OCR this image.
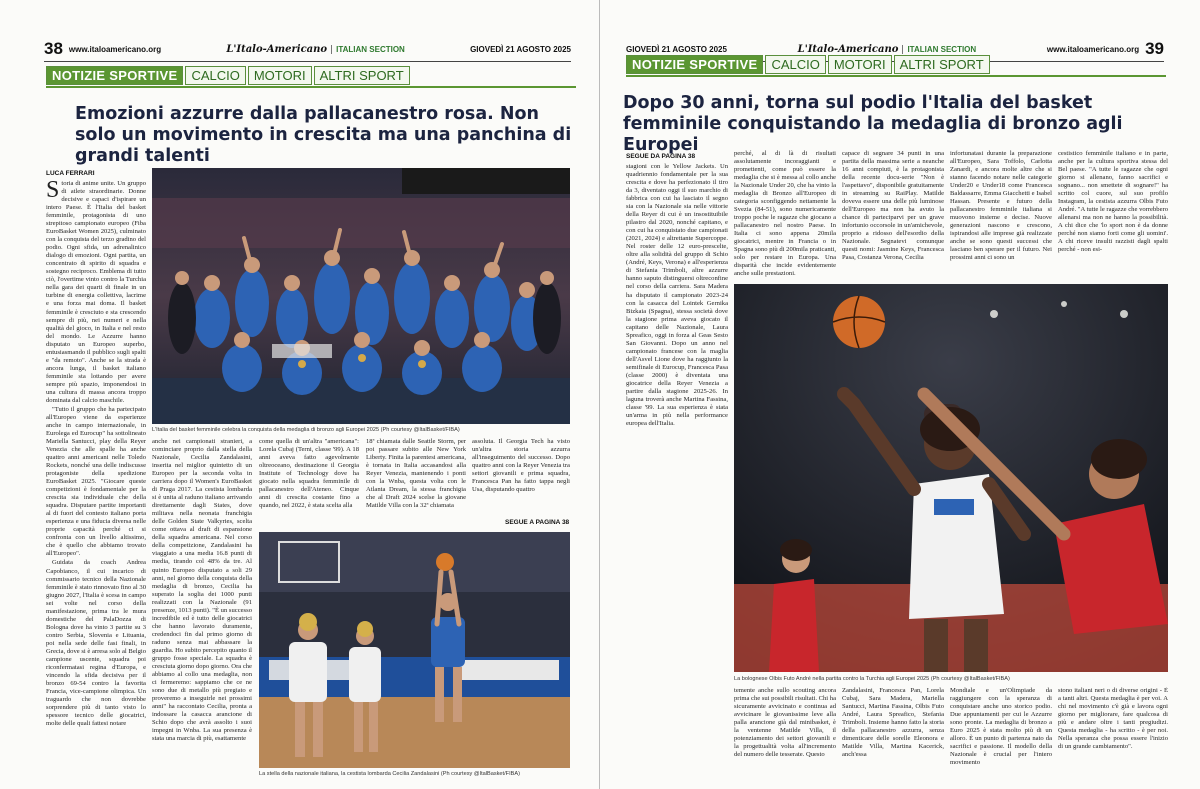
38 www.italoamericano.org	L'Italo-Americano	ITALIAN SECTION	GIOVEDÌ 21 AGOSTO 2025
NOTIZIE SPORTIVE	CALCIO	MOTORI	ALTRI SPORT
Emozioni azzurre dalla pallacanestro rosa. Non solo un movimento in crescita ma una panchina di grandi talenti
LUCA FERRARI

Storia di anime unite. Un gruppo di atlete straordinarie. Donne decisive e capaci d'ispirare un intero Paese. È l'Italia del basket femminile, protagonista di uno strepitoso campionato europeo (Fiba EuroBasket Women 2025), culminato con la conquista del terzo gradino del podio. Ogni sfida, un adrenalinico dialogo di emozioni. Ogni partita, un concentrato di spirito di squadra e sostegno reciproco. Emblema di tutto ciò, l'overtime vinto contro la Turchia nella gara dei quarti di finale in un turbine di energia collettiva, lacrime e una forza mai doma. Il basket femminile è cresciuto e sta crescendo sempre di più, nei numeri e nella qualità del gioco, in Italia e nel resto del mondo. Le Azzurre hanno disputato un Europeo superbo, entusiasmando il pubblico sugli spalti e "da remoto". Anche se la strada è ancora lunga, il basket italiano femminile sta lottando per avere sempre più spazio, imponendosi in una cultura di massa ancora troppo dominata dal calcio maschile.

"Tutto il gruppo che ha partecipato all'Europeo viene da esperienze anche in campo internazionale, in Eurolega ed Eurocup" ha sottolineato Mariella Santucci, play della Reyer Venezia che alle spalle ha anche quattro anni americani nelle Toledo Rockets, nonché una delle indiscusse protagoniste della spedizione EuroBasket 2025. "Giocare queste competizioni è fondamentale per la crescita sia individuale che della squadra. Disputare partite importanti al di fuori del contesto italiano porta esperienza e una fiducia diversa nelle proprie capacità perché ci si confronta con un livello altissimo, che è quello che abbiamo trovato all'Europeo".

Guidata da coach Andrea Capobianco, il cui incarico di commissario tecnico della Nazionale femminile è stato rinnovato fino al 30 giugno 2027, l'Italia è scesa in campo sei volte nel corso della manifestazione, prima tra le mura domestiche del PalaDozza di Bologna dove ha vinto 3 partite su 3 contro Serbia, Slovenia e Lituania, poi nella sede delle fasi finali, in Grecia, dove si è arresa solo al Belgio campione uscente, squadra poi riconfermatasi regina d'Europa, e vincendo la sfida decisiva per il bronzo 69-54 contro la favorita Francia, vice-campione olimpica. Un traguardo che non dovrebbe sorprendere più di tanto visto lo spessore tecnico delle giocatrici, molte delle quali fattesi notare

L'Italia del basket femminile celebra la conquista della medaglia di bronzo agli Europei 2025 (Ph courtesy @ItalBasket/FIBA)

anche nei campionati stranieri, a cominciare proprio dalla stella della Nazionale, Cecilia Zandalasini, inserita nel miglior quintetto di un Europeo per la seconda volta in carriera dopo il Women's EuroBasket di Praga 2017. La cestista lombarda si è unita al raduno italiano arrivando direttamente dagli States, dove militava nella neonata franchigia delle Golden State Valkyries, scelta come ottava al draft di espansione della squadra americana. Nel corso della competizione, Zandalasini ha viaggiato a una media 16.8 punti di media, tirando col 48% da tre. Al quinto Europeo disputato a soli 29 anni, nel giorno della conquista della medaglia di bronzo, Cecilia ha superato la soglia dei 1000 punti realizzati con la Nazionale (91 presenze, 1013 punti). "È un successo incredibile ed è tutto delle giocatrici che hanno lavorato duramente, credendoci fin dal primo giorno di raduno senza mai abbassare la guardia. Ho subito percepito quanto il gruppo fosse speciale. La squadra è cresciuta giorno dopo giorno. Ora che abbiamo al collo una medaglia, non ci fermeremo: sappiamo che ce ne sono due di metallo più pregiato e proveremo a inseguirle nei prossimi anni" ha raccontato Cecilia, pronta a indossare la casacca arancione di Schio dopo che avrà assolto i suoi impegni in Wnba. La sua presenza è stata una marcia di più, esattamente

come quella di un'altra "americana": Lorela Cubaj (Terni, classe '99). A 18 anni aveva fatto agevolmente oltreoceano, destinazione il Georgia Institute of Technology dove ha giocato nella squadra femminile di pallacanestro dell'Ateneo. Cinque anni di crescita costante fino a quando, nel 2022, è stata scelta alla

18ª chiamata dalle Seattle Storm, per poi passare subito alle New York Liberty. Finita la parentesi americana, è tornata in Italia accasandosi alla Reyer Venezia, mantenendo i ponti con la Wnba, questa volta con le Atlanta Dream, la stessa franchigia che al Draft 2024 scelse la giovane Matilde Villa con la 32ª chiamata

assoluta. Il Georgia Tech ha visto un'altra storia azzurra all'inseguimento del successo. Dopo quattro anni con la Reyer Venezia tra settori giovanili e prima squadra, Francesca Pan ha fatto tappa negli Usa, disputando quattro

SEGUE A PAGINA 38
La stella della nazionale italiana, la cestista lombarda Cecilia Zandalasini (Ph courtesy @ItalBasket/FIBA)
GIOVEDÌ 21 AGOSTO 2025	L'Italo-Americano	ITALIAN SECTION	www.italoamericano.org 39
NOTIZIE SPORTIVE	CALCIO	MOTORI	ALTRI SPORT
Dopo 30 anni, torna sul podio l'Italia del basket femminile conquistando la medaglia di bronzo agli Europei
SEGUE DA PAGINA 38

stagioni con le Yellow Jackets. Un quadriennio fondamentale per la sua crescita e dove ha perfezionato il tiro da 3, diventato oggi il suo marchio di fabbrica con cui ha lasciato il segno sia con la Nazionale sia nelle vittorie della Reyer di cui è un insostituibile pilastro dal 2020, nonché capitano, e con cui ha conquistato due campionati (2021, 2024) e altrettante Supercoppe. Nel roster delle 12 euro-prescelte, oltre alla solidità del gruppo di Schio (André, Keys, Verona) e all'esperienza di Stefania Trimboli, altre azzurre hanno saputo distinguersi oltreconfine nel corso della carriera. Sara Madera ha disputato il campionato 2023-24 con la casacca del Lointek Gernika Bizkaia (Spagna), stessa società dove la stagione prima aveva giocato il capitano delle Nazionale, Laura Spreafico, oggi in forza al Geas Sesto San Giovanni. Dopo un anno nel campionato francese con la maglia dell'Asvel Lione dove ha raggiunto la semifinale di Eurocup, Francesca Pasa (classe 2000) è diventata una giocatrice della Reyer Venezia a partire dalla stagione 2025-26. In laguna troverà anche Martina Fassina, classe '99. La sua esperienza è stata un'arma in più nella performance europea dell'Italia.

perché, al di là di risultati assolutamente incoraggianti e promettenti, come può essere la medaglia che si è messa al collo anche la Nazionale Under 20, che ha vinto la medaglia di Bronzo all'Europeo di categoria sconfiggendo nettamente la Svezia (84-51), sono numericamente troppo poche le ragazze che giocano a pallacanestro nel nostro Paese. In Italia ci sono appena 20mila giocatrici, mentre in Francia o in Spagna sono più di 200mila praticanti, solo per restare in Europa. Una disparità che incide evidentemente anche sulle prestazioni.

capace di segnare 34 punti in una partita della massima serie a neanche 16 anni compiuti, è la protagonista della recente docu-serie "Non è l'aspettavo", disponibile gratuitamente in streaming su RaiPlay. Matilde doveva essere una delle più luminose dell'Europeo ma non ha avuto la chance di parteciparvi per un grave infortunio occorsole in un'amichevole, proprio a ridosso dell'esordio della Nazionale. Segnatevi comunque questi nomi: Jasmine Keys, Francesca Pasa, Costanza Verona, Cecilia

infortunatasi durante la preparazione all'Europeo, Sara Toffolo, Carlotta Zanardi, e ancora molte altre che si stanno facendo notare nelle categorie Under20 e Under18 come Francesca Baldassarre, Emma Giacchetti e Isabel Hassan. Presente e futuro della pallacanestro femminile italiana si muovono insieme e decise. Nuove generazioni nascono e crescono, ispirandosi alle imprese già realizzate anche se sono questi successi che lasciano ben sperare per il futuro. Nei prossimi anni ci sono un

cestistico femminile italiano e in parte, anche per la cultura sportiva stessa del Bel paese. "A tutte le ragazze che ogni giorno si allenano, fanno sacrifici e sognano... non smettete di sognare!" ha scritto col cuore, sul suo profilo Instagram, la cestista azzurra Olbis Futo André. "A tutte le ragazze che vorrebbero allenarsi ma non ne hanno la possibilità. A chi dice che 'lo sport non è da donne perché non siamo forti come gli uomini'. A chi riceve insulti razzisti dagli spalti perché - non esi-

La bolognese Olbis Futo André nella partita contro la Turchia agli Europei 2025 (Ph courtesy @ItalBasket/FIBA)

temente anche sullo scouting ancora prima che sui possibili risultati. Chi ha sicuramente avvicinato e continua ad avvicinare le giovanissime leve alla palla arancione già dal minibasket, è la ventenne Matilde Villa, il potenziamento dei settori giovanili e la progettualità volta all'incremento del numero delle tesserate. Questo

Zandalasini, Francesca Pan, Lorela Cubaj, Sara Madera, Mariella Santucci, Martina Fassina, Olbis Futo André, Laura Spreafico, Stefania Trimboli. Insieme hanno fatto la storia della pallacanestro azzurra, senza dimenticare delle sorelle Eleonora e Matilde Villa, Martina Kacerick, anch'essa

Mondiale e un'Olimpiade da raggiungere con la speranza di conquistare anche uno storico podio. Due appuntamenti per cui le Azzurre sono pronte. La medaglia di bronzo a Euro 2025 è stata molto più di un alloro. È un punto di partenza nato da sacrifici e passione. Il modello della Nazionale è crucial per l'intero movimento

stono italiani neri o di diverse origini - È a tanti altri. Questa medaglia è per voi. A chi nel movimento c'è già e lavora ogni giorno per migliorare, fare qualcosa di più e andare oltre i tanti pregiudizi. Questa medaglia - ha scritto - è per noi. Nella speranza che possa essere l'inizio di un grande cambiamento".
